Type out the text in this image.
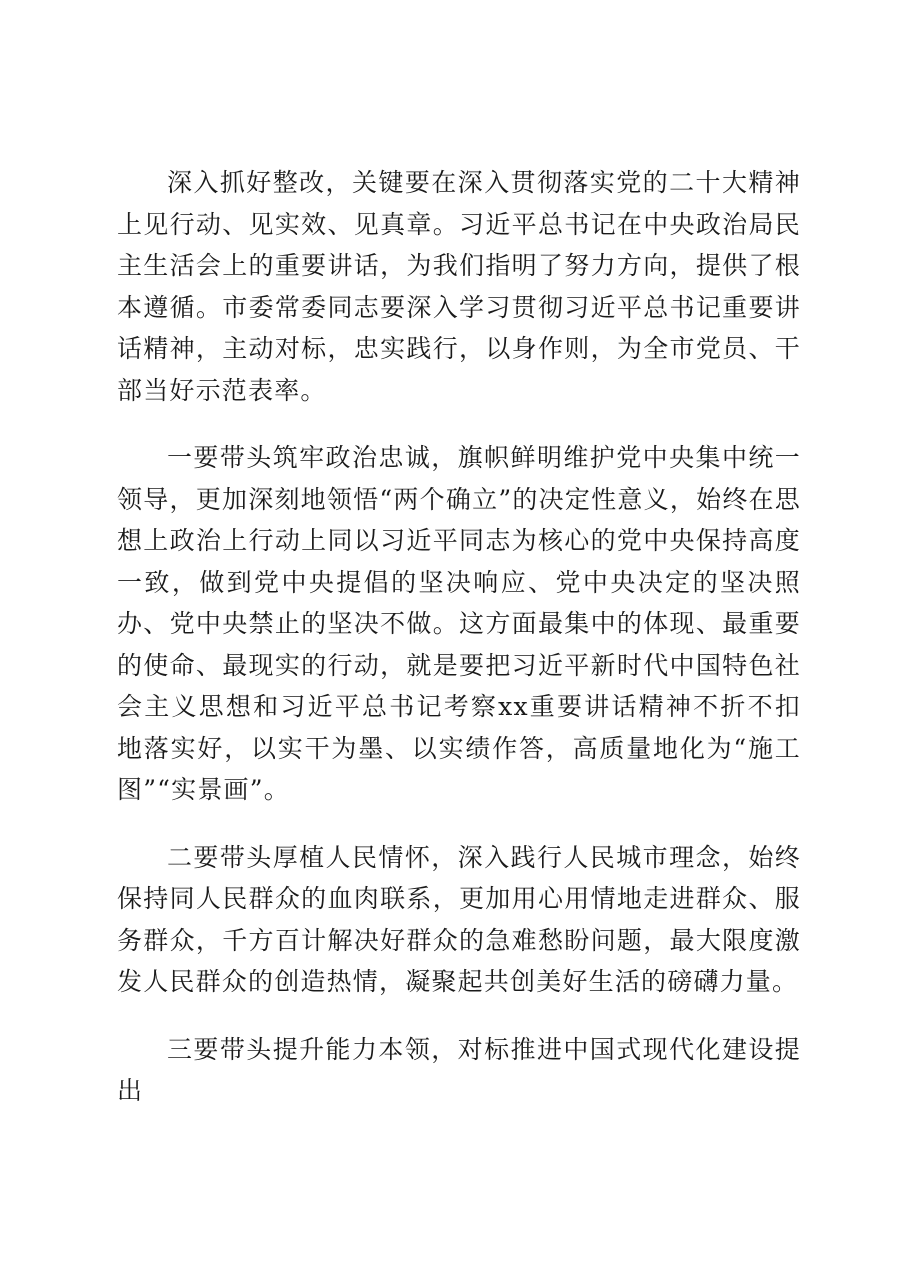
深入抓好整改，关键要在深入贯彻落实党的二十大精神上见行动、见实效、见真章。习近平总书记在中央政治局民主生活会上的重要讲话，为我们指明了努力方向，提供了根本遵循。市委常委同志要深入学习贯彻习近平总书记重要讲话精神，主动对标，忠实践行，以身作则，为全市党员、干部当好示范表率。

一要带头筑牢政治忠诚，旗帜鲜明维护党中央集中统一领导，更加深刻地领悟“两个确立”的决定性意义，始终在思想上政治上行动上同以习近平同志为核心的党中央保持高度一致，做到党中央提倡的坚决响应、党中央决定的坚决照办、党中央禁止的坚决不做。这方面最集中的体现、最重要的使命、最现实的行动，就是要把习近平新时代中国特色社会主义思想和习近平总书记考察xx重要讲话精神不折不扣地落实好，以实干为墨、以实绩作答，高质量地化为“施工图”“实景画”。

二要带头厚植人民情怀，深入践行人民城市理念，始终保持同人民群众的血肉联系，更加用心用情地走进群众、服务群众，千方百计解决好群众的急难愁盼问题，最大限度激发人民群众的创造热情，凝聚起共创美好生活的磅礴力量。

三要带头提升能力本领，对标推进中国式现代化建设提出
